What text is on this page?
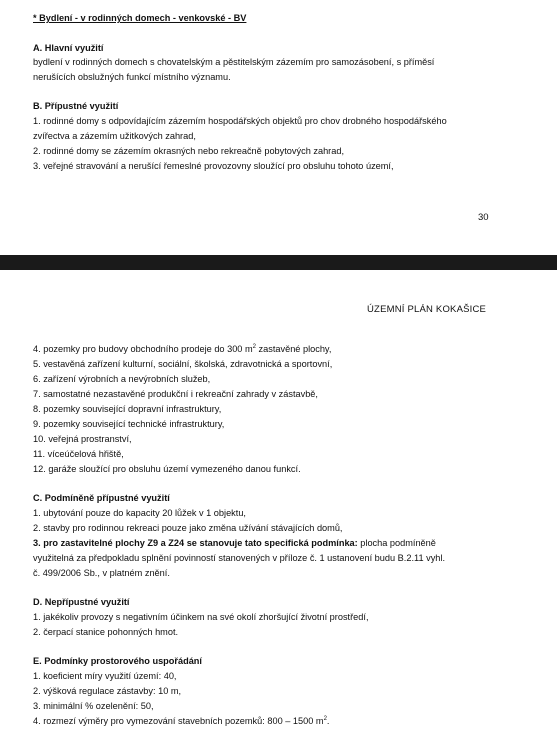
* Bydlení - v rodinných domech - venkovské - BV
A. Hlavní využití
bydlení v rodinných domech s chovatelským a pěstitelským zázemím pro samozásobení, s příměsí
nerušících obslužných funkcí místního významu.
B. Přípustné využití
1. rodinné domy s odpovídajícím zázemím hospodářských objektů pro chov drobného hospodářského
zvířectva a zázemím užitkových zahrad,
2. rodinné domy se zázemím okrasných nebo rekreačně pobytových zahrad,
3. veřejné stravování a nerušící řemeslné provozovny sloužící pro obsluhu tohoto území,
30
ÚZEMNÍ PLÁN KOKAŠICE
4. pozemky pro budovy obchodního prodeje do 300 $m^2$ zastavěné plochy,
5. vestavěná zařízení kulturní, sociální, školská, zdravotnická a sportovní,
6. zařízení výrobních a nevýrobních služeb,
7. samostatné nezastavěné produkční i rekreační zahrady v zástavbě,
8. pozemky související dopravní infrastruktury,
9. pozemky související technické infrastruktury,
10. veřejná prostranství,
11. víceúčelová hřiště,
12. garáže sloužící pro obsluhu území vymezeného danou funkcí.
C. Podmíněně přípustné využití
1. ubytování pouze do kapacity 20 lůžek v 1 objektu,
2. stavby pro rodinnou rekreaci pouze jako změna užívání stávajících domů,
3. pro zastavitelné plochy Z9 a Z24 se stanovuje tato specifická podmínka: plocha podmíněně
využitelná za předpokladu splnění povinností stanovených v příloze č. 1 ustanovení budu B.2.11 vyhl.
č. 499/2006 Sb., v platném znění.
D. Nepřípustné využití
1. jakékoliv provozy s negativním účinkem na své okolí zhoršující životní prostředí,
2. čerpací stanice pohonných hmot.
E. Podmínky prostorového uspořádání
1. koeficient míry využití území: 40,
2. výšková regulace zástavby: 10 m,
3. minimální % ozelenění: 50,
4. rozmezí výměry pro vymezování stavebních pozemků: 800 – 1500 $m^2$.
